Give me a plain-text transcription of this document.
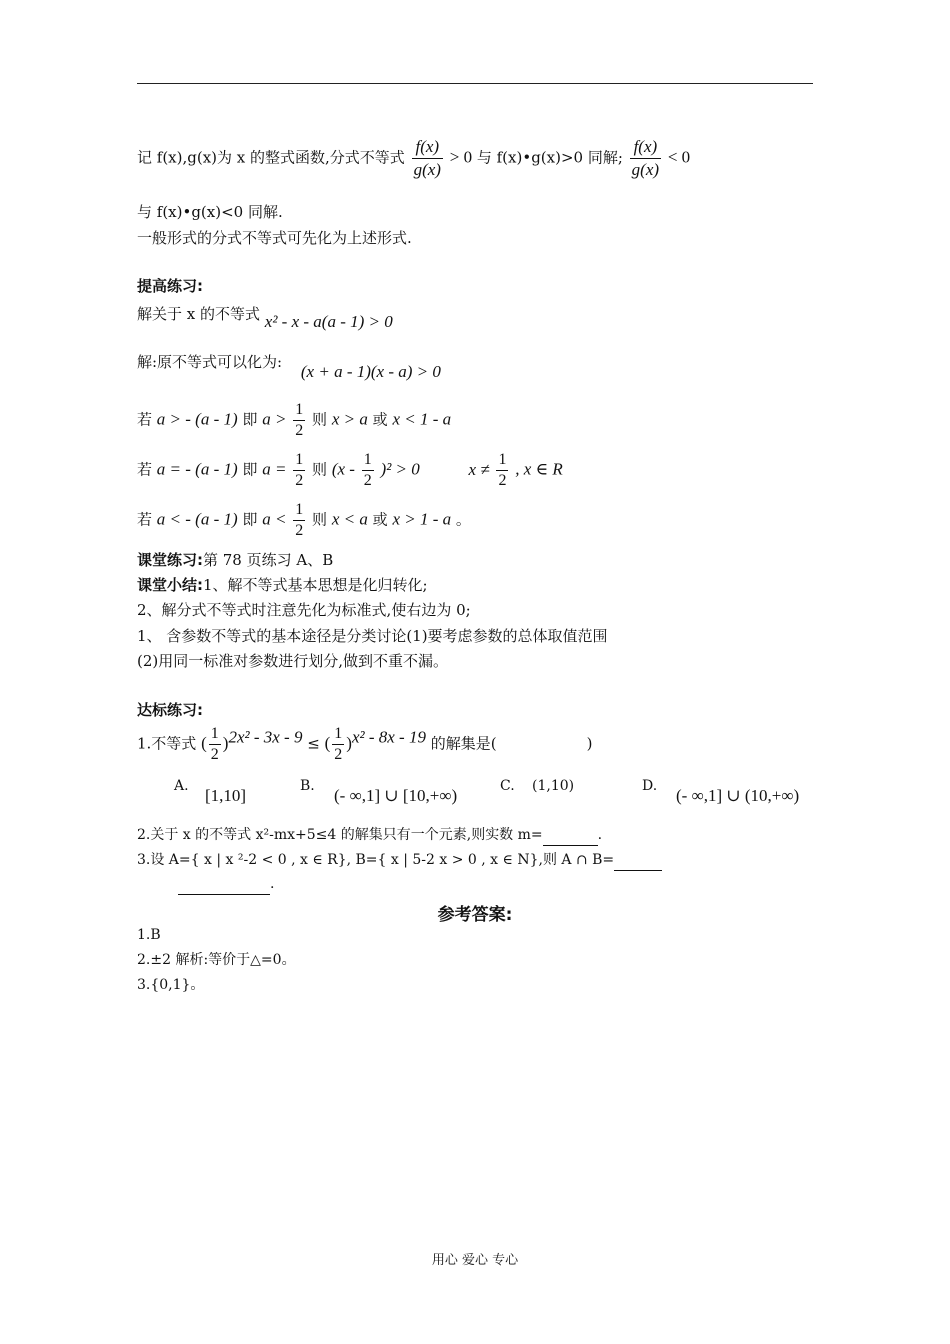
记 f(x),g(x)为 x 的整式函数,分式不等式 $\frac{f(x)}{g(x)} > 0$ 与 f(x)•g(x)>0 同解; $\frac{f(x)}{g(x)} < 0$
与 f(x)•g(x)<0 同解.
一般形式的分式不等式可先化为上述形式.
提高练习:
解关于 x 的不等式 x² - x - a(a - 1) > 0
解:原不等式可以化为: (x + a - 1)(x - a) > 0
若 a > - (a - 1) 即 $a > \frac{1}{2}$ 则 x > a 或 x < 1 - a
若 a = - (a - 1) 即 $a = \frac{1}{2}$ 则 $(x - \frac{1}{2} )^2 > 0$	$x \ne \frac{1}{2}$ , x ∈ R
若 a < - (a - 1) 即 $a < \frac{1}{2}$ 则 x < a 或 x > 1 - a 。
课堂练习:第 78 页练习 A、B
课堂小结:1、解不等式基本思想是化归转化;
2、解分式不等式时注意先化为标准式,使右边为 0;
1、 含参数不等式的基本途径是分类讨论(1)要考虑参数的总体取值范围
(2)用同一标准对参数进行划分,做到不重不漏。
达标练习:
1.不等式 ( $\frac{1}{2} )^{2x^2 - 3x - 9}$ ≤ ( $\frac{1}{2} )^{x^2 - 8x - 19}$ 的解集是(	)
A. [1,10]	B. (- ∞,1] ∪ [10,+∞)	C. (1,10)	D. (- ∞,1] ∪ (10,+∞)
2.关于 x 的不等式 x²-mx+5≤4 的解集只有一个元素,则实数 m=	.
3.设 A={ x | x ²-2 < 0 , x ∈ R}, B={ x | 5-2 x > 0 , x ∈ N},则 A ∩ B=
.
参考答案:
1.B
2.±2 解析:等价于△=0。
3.{0,1}。
用心 爱心 专心
